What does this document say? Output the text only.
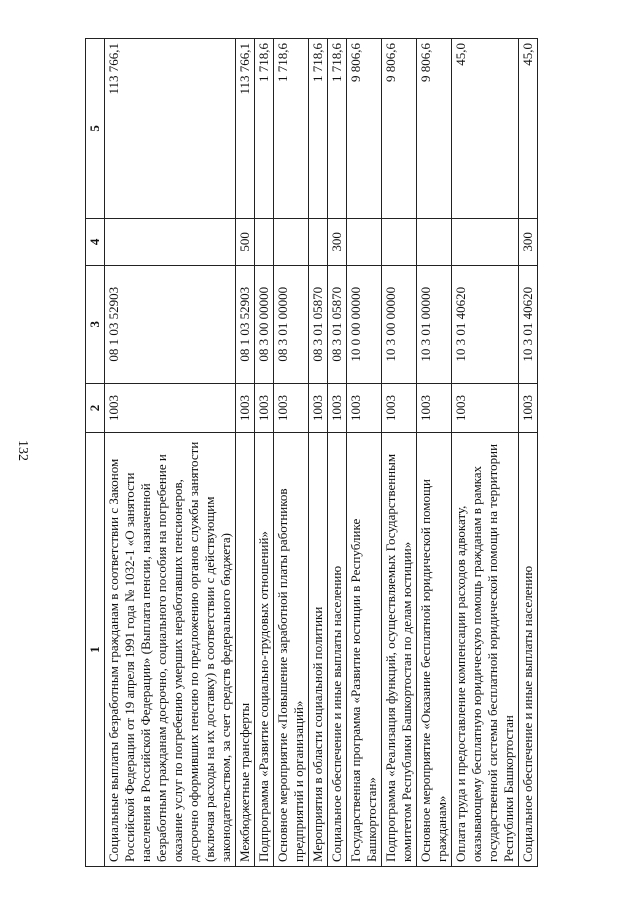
132
1	2	3	4	5
Социальные выплаты безработным гражданам в соответствии с Законом Российской Федерации от 19 апреля 1991 года № 1032-1 «О занятости населения в Российской Федерации» (Выплата пенсии, назначенной безработным гражданам досрочно, социального пособия на погребение и оказание услуг по погребению умерших неработавших пенсионеров, досрочно оформивших пенсию по предложению органов службы занятости (включая расходы на их доставку) в соответствии с действующим законодательством, за счет средств федерального бюджета)	1003	08 1 03 52903		113 766,1
Межбюджетные трансферты	1003	08 1 03 52903	500	113 766,1
Подпрограмма «Развитие социально-трудовых отношений»	1003	08 3 00 00000		1 718,6
Основное мероприятие «Повышение заработной платы работников предприятий и организаций»	1003	08 3 01 00000		1 718,6
Мероприятия в области социальной политики	1003	08 3 01 05870		1 718,6
Социальное обеспечение и иные выплаты населению	1003	08 3 01 05870	300	1 718,6
Государственная программа «Развитие юстиции в Республике Башкортостан»	1003	10 0 00 00000		9 806,6
Подпрограмма «Реализация функций, осуществляемых Государственным комитетом Республики Башкортостан по делам юстиции»	1003	10 3 00 00000		9 806,6
Основное мероприятие «Оказание бесплатной юридической помощи гражданам»	1003	10 3 01 00000		9 806,6
Оплата труда и предоставление компенсации расходов адвокату, оказывающему бесплатную юридическую помощь гражданам в рамках государственной системы бесплатной юридической помощи на территории Республики Башкортостан	1003	10 3 01 40620		45,0
Социальное обеспечение и иные выплаты населению	1003	10 3 01 40620	300	45,0
